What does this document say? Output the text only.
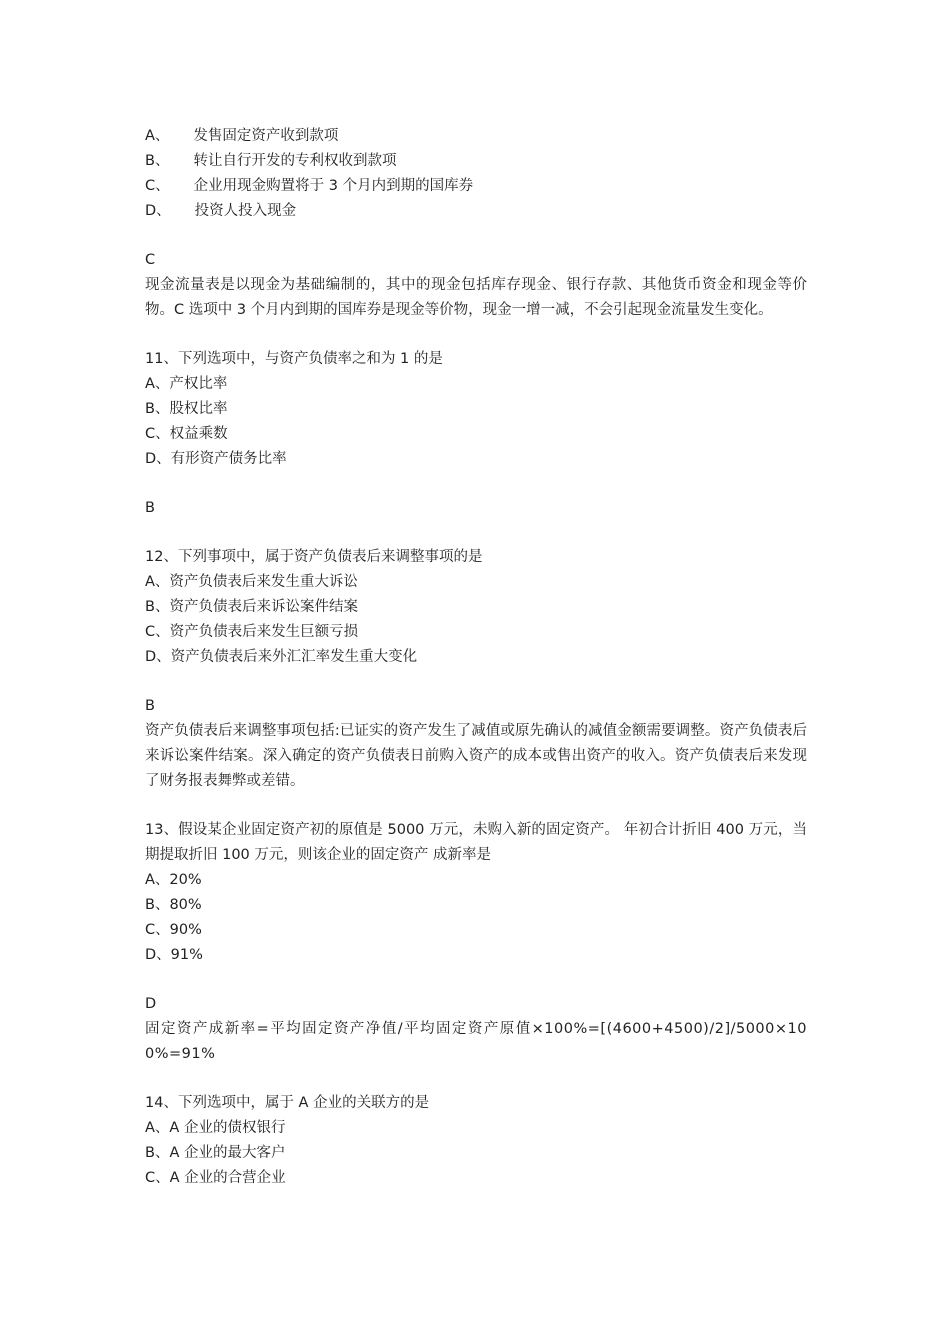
A、 发售固定资产收到款项
B、 转让自行开发的专利权收到款项
C、 企业用现金购置将于 3 个月内到期的国库券
D、 投资人投入现金
C
现金流量表是以现金为基础编制的，其中的现金包括库存现金、银行存款、其他货币资金和现金等价物。C 选项中 3 个月内到期的国库券是现金等价物，现金一增一减，不会引起现金流量发生变化。
11、下列选项中，与资产负债率之和为 1 的是
A、产权比率
B、股权比率
C、权益乘数
D、有形资产债务比率
B
12、下列事项中，属于资产负债表后来调整事项的是
A、资产负债表后来发生重大诉讼
B、资产负债表后来诉讼案件结案
C、资产负债表后来发生巨额亏损
D、资产负债表后来外汇汇率发生重大变化
B
资产负债表后来调整事项包括:已证实的资产发生了减值或原先确认的减值金额需要调整。资产负债表后来诉讼案件结案。深入确定的资产负债表日前购入资产的成本或售出资产的收入。资产负债表后来发现了财务报表舞弊或差错。
13、假设某企业固定资产初的原值是 5000 万元，未购入新的固定资产。 年初合计折旧 400 万元，当期提取折旧 100 万元，则该企业的固定资产 成新率是
A、20%
B、80%
C、90%
D、91%
D
固定资产成新率=平均固定资产净值/平均固定资产原值×100%=[(4600+4500)/2]/5000×100%=91%
14、下列选项中，属于 A 企业的关联方的是
A、A 企业的债权银行
B、A 企业的最大客户
C、A 企业的合营企业
